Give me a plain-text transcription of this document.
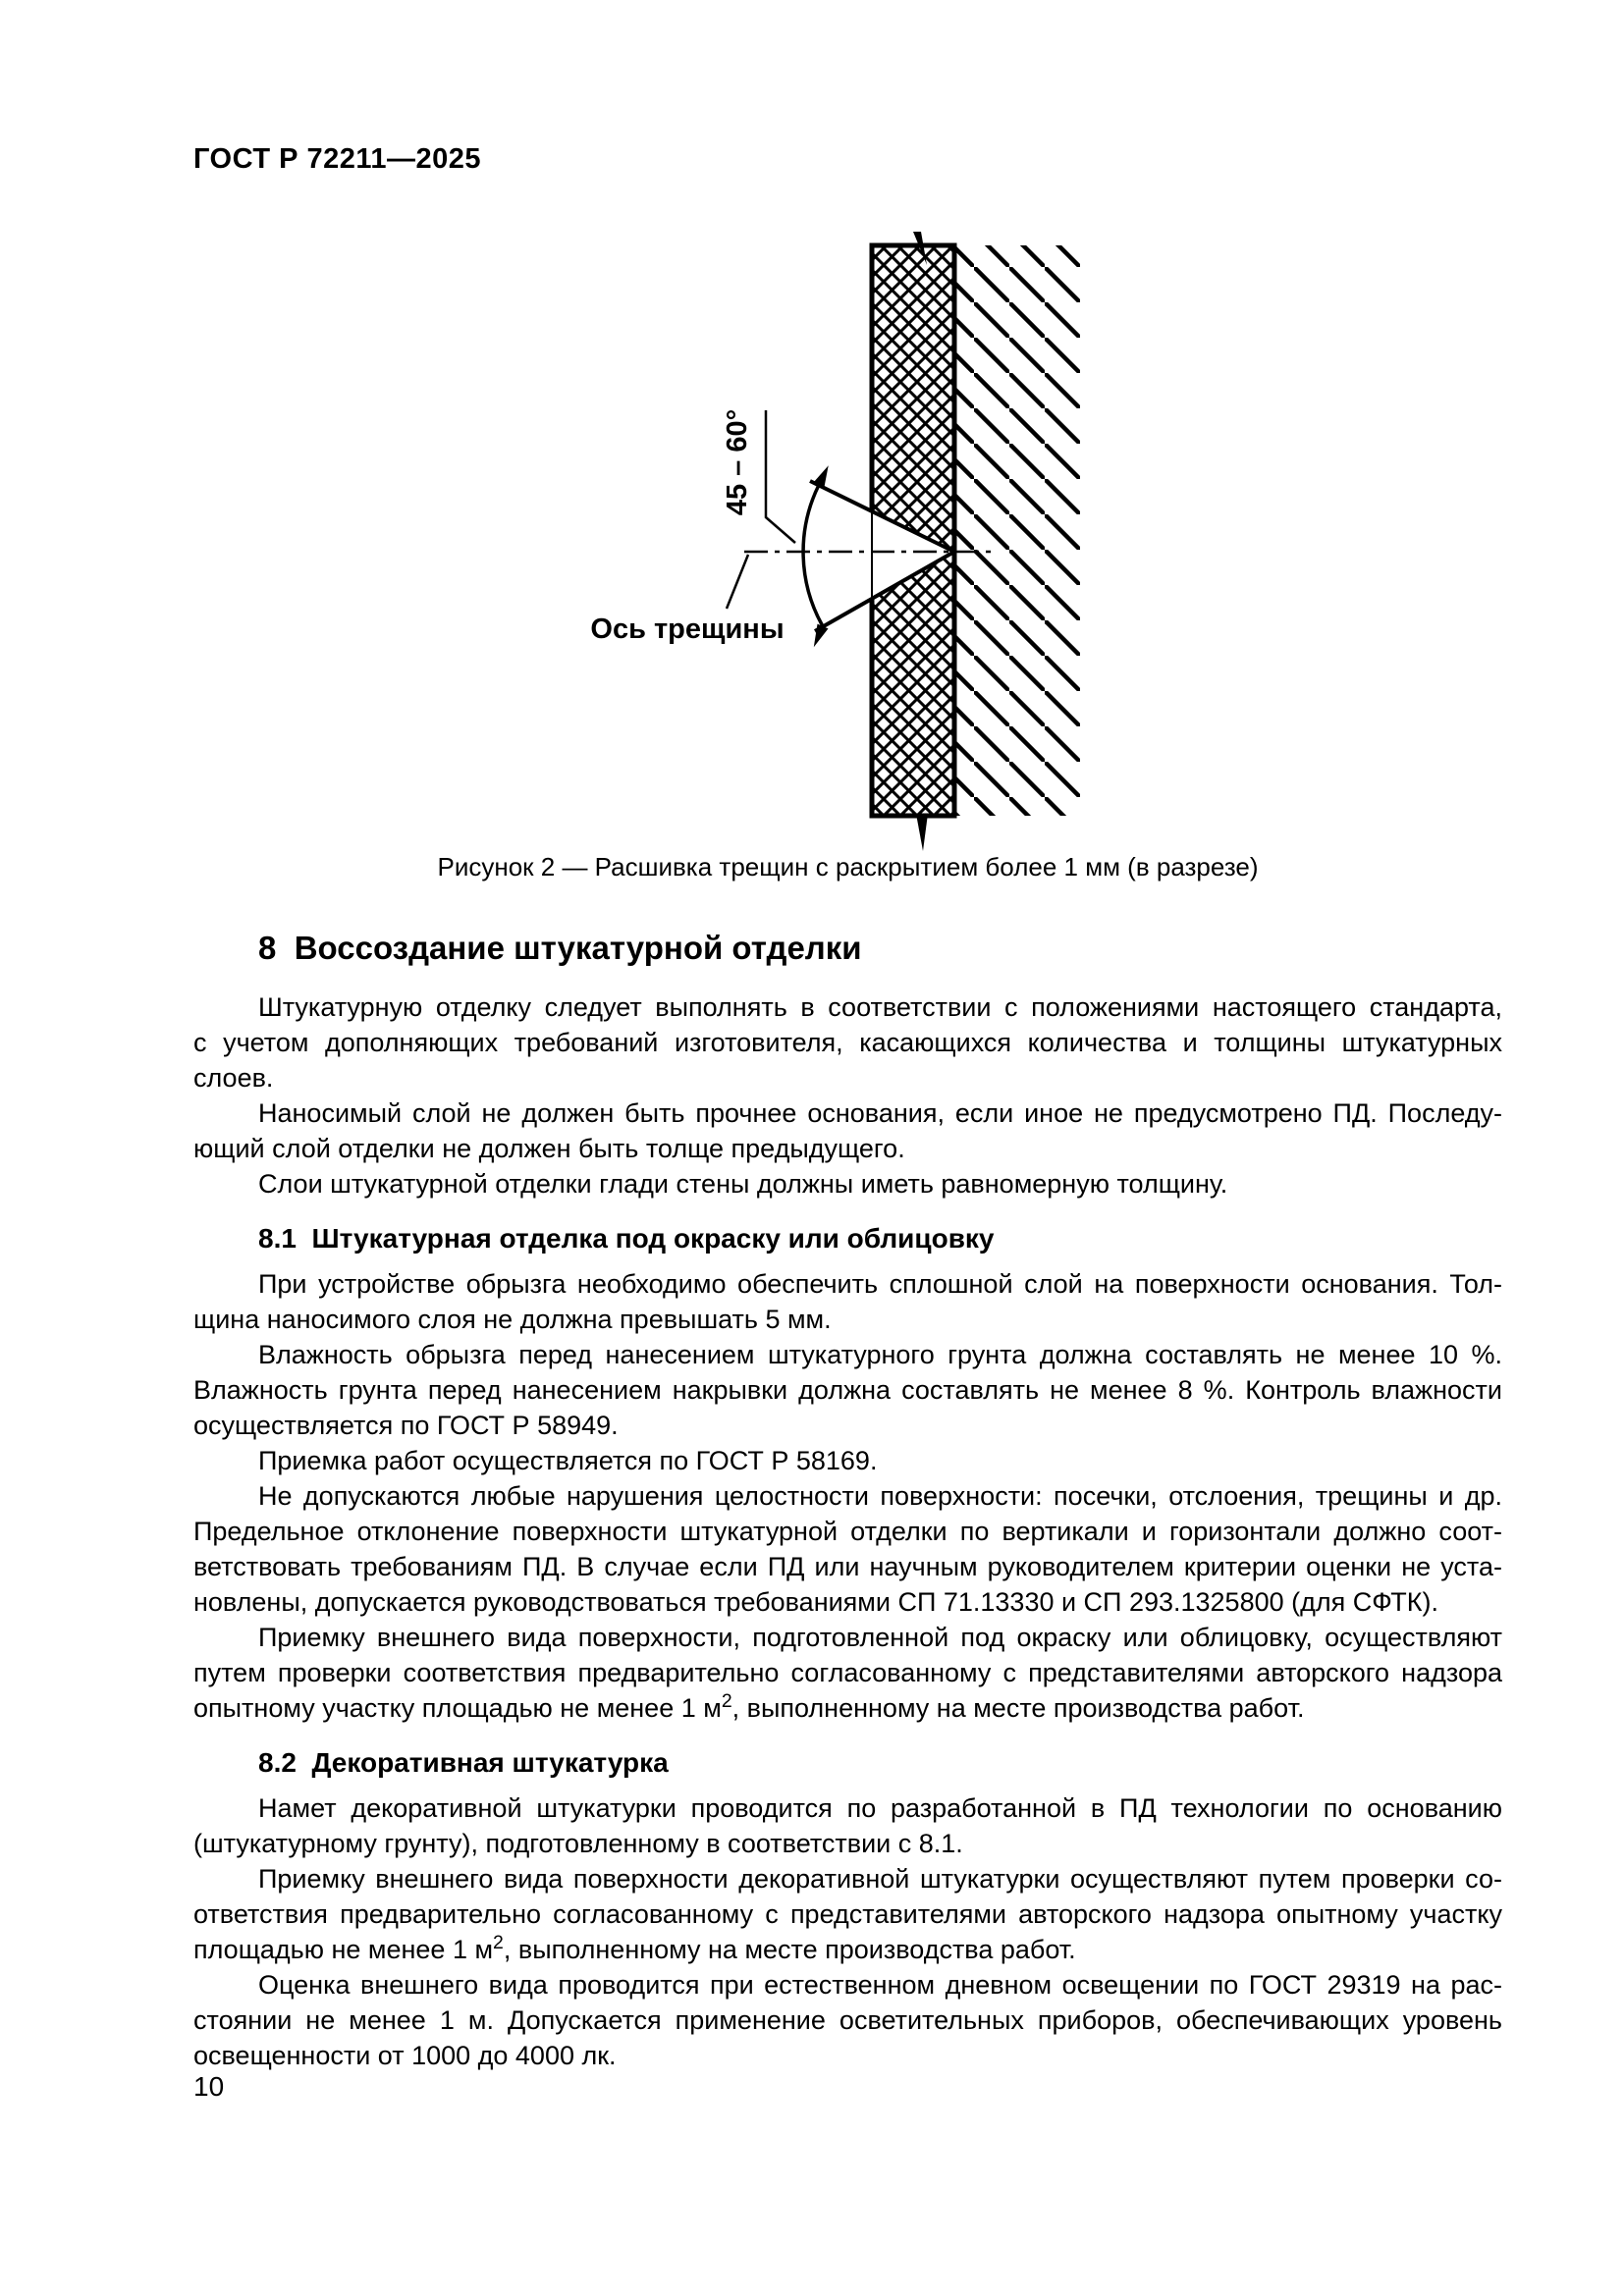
ГОСТ Р 72211—2025
45 – 60°
Ось трещины
Рисунок 2 — Расшивка трещин с раскрытием более 1 мм (в разрезе)
8  Воссоздание штукатурной отделки
Штукатурную отделку следует выполнять в соответствии с положениями настоящего стандарта,
с учетом дополняющих требований изготовителя, касающихся количества и толщины штукатурных
слоев.
Наносимый слой не должен быть прочнее основания, если иное не предусмотрено ПД. Последу-
ющий слой отделки не должен быть толще предыдущего.
Слои штукатурной отделки глади стены должны иметь равномерную толщину.
8.1  Штукатурная отделка под окраску или облицовку
При устройстве обрызга необходимо обеспечить сплошной слой на поверхности основания. Тол-
щина наносимого слоя не должна превышать 5 мм.
Влажность обрызга перед нанесением штукатурного грунта должна составлять не менее 10 %.
Влажность грунта перед нанесением накрывки должна составлять не менее 8 %. Контроль влажности
осуществляется по ГОСТ Р 58949.
Приемка работ осуществляется по ГОСТ Р 58169.
Не допускаются любые нарушения целостности поверхности: посечки, отслоения, трещины и др.
Предельное отклонение поверхности штукатурной отделки по вертикали и горизонтали должно соот-
ветствовать требованиям ПД. В случае если ПД или научным руководителем критерии оценки не уста-
новлены, допускается руководствоваться требованиями СП 71.13330 и СП 293.1325800 (для СФТК).
Приемку внешнего вида поверхности, подготовленной под окраску или облицовку, осуществляют
путем проверки соответствия предварительно согласованному с представителями авторского надзора
опытному участку площадью не менее 1 $м^2$, выполненному на месте производства работ.
8.2  Декоративная штукатурка
Намет декоративной штукатурки проводится по разработанной в ПД технологии по основанию
(штукатурному грунту), подготовленному в соответствии с 8.1.
Приемку внешнего вида поверхности декоративной штукатурки осуществляют путем проверки со-
ответствия предварительно согласованному с представителями авторского надзора опытному участку
площадью не менее 1 $м^2$, выполненному на месте производства работ.
Оценка внешнего вида проводится при естественном дневном освещении по ГОСТ 29319 на рас-
стоянии не менее 1 м. Допускается применение осветительных приборов, обеспечивающих уровень
освещенности от 1000 до 4000 лк.
10
